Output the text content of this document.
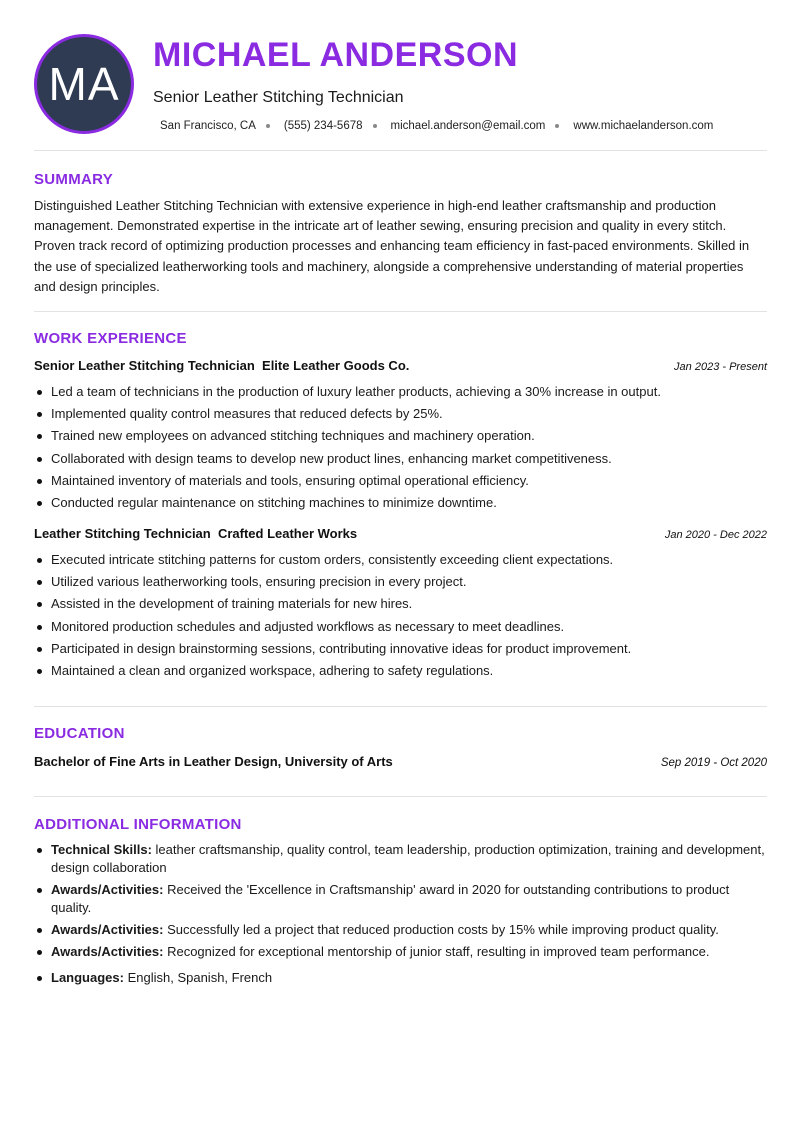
MA
MICHAEL ANDERSON
Senior Leather Stitching Technician
San Francisco, CA (555) 234-5678 michael.anderson@email.com www.michaelanderson.com
SUMMARY

Distinguished Leather Stitching Technician with extensive experience in high-end leather craftsmanship and production management. Demonstrated expertise in the intricate art of leather sewing, ensuring precision and quality in every stitch. Proven track record of optimizing production processes and enhancing team efficiency in fast-paced environments. Skilled in the use of specialized leatherworking tools and machinery, alongside a comprehensive understanding of material properties and design principles.

WORK EXPERIENCE
Senior Leather Stitching Technician  Elite Leather Goods Co.	Jan 2023 - Present
Led a team of technicians in the production of luxury leather products, achieving a 30% increase in output.
Implemented quality control measures that reduced defects by 25%.
Trained new employees on advanced stitching techniques and machinery operation.
Collaborated with design teams to develop new product lines, enhancing market competitiveness.
Maintained inventory of materials and tools, ensuring optimal operational efficiency.
Conducted regular maintenance on stitching machines to minimize downtime.
Leather Stitching Technician  Crafted Leather Works	Jan 2020 - Dec 2022
Executed intricate stitching patterns for custom orders, consistently exceeding client expectations.
Utilized various leatherworking tools, ensuring precision in every project.
Assisted in the development of training materials for new hires.
Monitored production schedules and adjusted workflows as necessary to meet deadlines.
Participated in design brainstorming sessions, contributing innovative ideas for product improvement.
Maintained a clean and organized workspace, adhering to safety regulations.
EDUCATION
Bachelor of Fine Arts in Leather Design, University of Arts	Sep 2019 - Oct 2020
ADDITIONAL INFORMATION
Technical Skills: leather craftsmanship, quality control, team leadership, production optimization, training and development, design collaboration
Awards/Activities: Received the 'Excellence in Craftsmanship' award in 2020 for outstanding contributions to product quality.
Awards/Activities: Successfully led a project that reduced production costs by 15% while improving product quality.
Awards/Activities: Recognized for exceptional mentorship of junior staff, resulting in improved team performance.
Languages: English, Spanish, French
